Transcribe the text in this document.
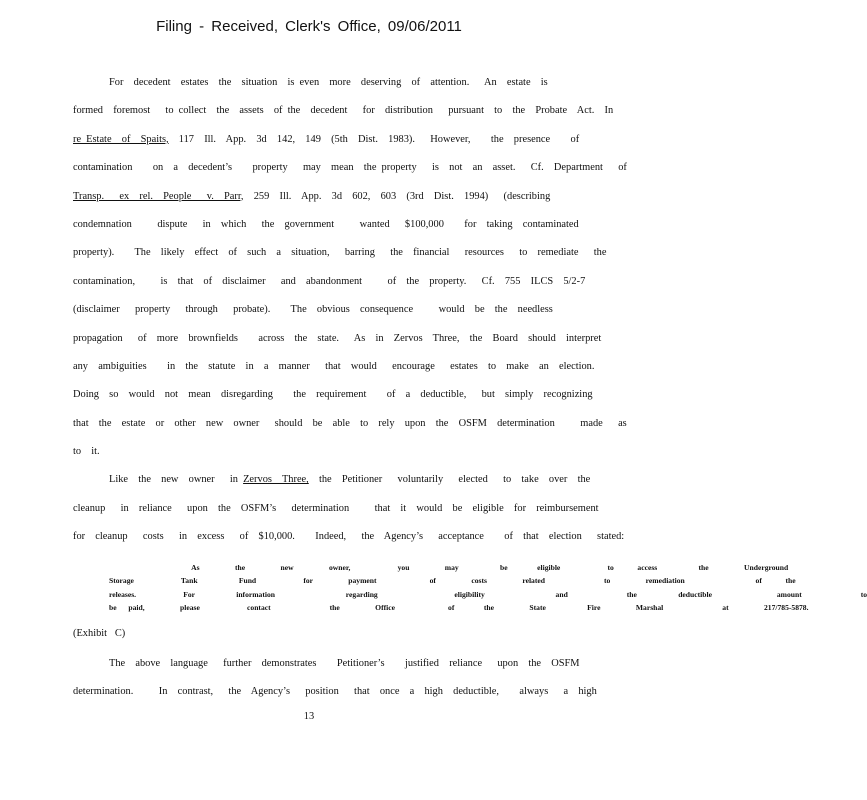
Filing - Received, Clerk's Office, 09/06/2011
For  decedent  estates  the  situation  is even  more  deserving  of  attention.   An  estate  is
formed  foremost   to collect  the  assets  of the  decedent   for  distribution   pursuant  to  the  Probate  Act.  In
re Estate  of  Spaits,  117  Ill.  App.  3d  142,  149  (5th  Dist.  1983).   However,    the  presence    of
contamination    on  a  decedent’s    property   may  mean  the property   is  not  an  asset.   Cf.  Department   of
Transp.   ex  rel.  People   v.  Parr,  259  Ill.  App.  3d  602,  603  (3rd  Dist.  1994)   (describing
condemnation     dispute   in  which   the  government     wanted   $100,000    for  taking  contaminated
property).    The  likely  effect  of  such  a  situation,   barring   the  financial   resources   to  remediate   the
contamination,     is  that  of  disclaimer   and  abandonment     of  the  property.   Cf.  755  ILCS  5/2-7
(disclaimer   property   through   probate).    The  obvious  consequence     would  be  the  needless
propagation   of  more  brownfields    across  the  state.   As  in  Zervos  Three,  the  Board  should  interpret
any  ambiguities    in  the  statute  in  a  manner   that  would   encourage   estates  to  make  an  election.
Doing  so  would  not  mean  disregarding    the  requirement    of  a  deductible,   but  simply  recognizing
that  the  estate  or  other  new  owner   should  be  able  to  rely  upon  the  OSFM  determination     made   as
to  it.
Like  the  new  owner   in Zervos  Three,  the  Petitioner   voluntarily   elected   to  take  over  the
cleanup   in  reliance   upon  the  OSFM’s   determination     that  it  would  be  eligible  for  reimbursement
for  cleanup   costs   in  excess   of  $10,000.    Indeed,   the  Agency’s   acceptance    of  that  election   stated:
As      the      new      owner,        you      may       be     eligible        to    access       the      Underground
Storage        Tank       Fund        for      payment         of      costs      related          to      remediation            of    the
releases.        For       information            regarding             eligibility            and          the       deductible           amount          to
be  paid,      please        contact          the      Office         of     the      State       Fire      Marshal          at      217/785-5878.
(Exhibit   C)
The  above  language   further  demonstrates    Petitioner’s    justified  reliance   upon  the  OSFM
determination.     In  contrast,   the  Agency’s   position   that  once  a  high  deductible,    always   a  high
13
